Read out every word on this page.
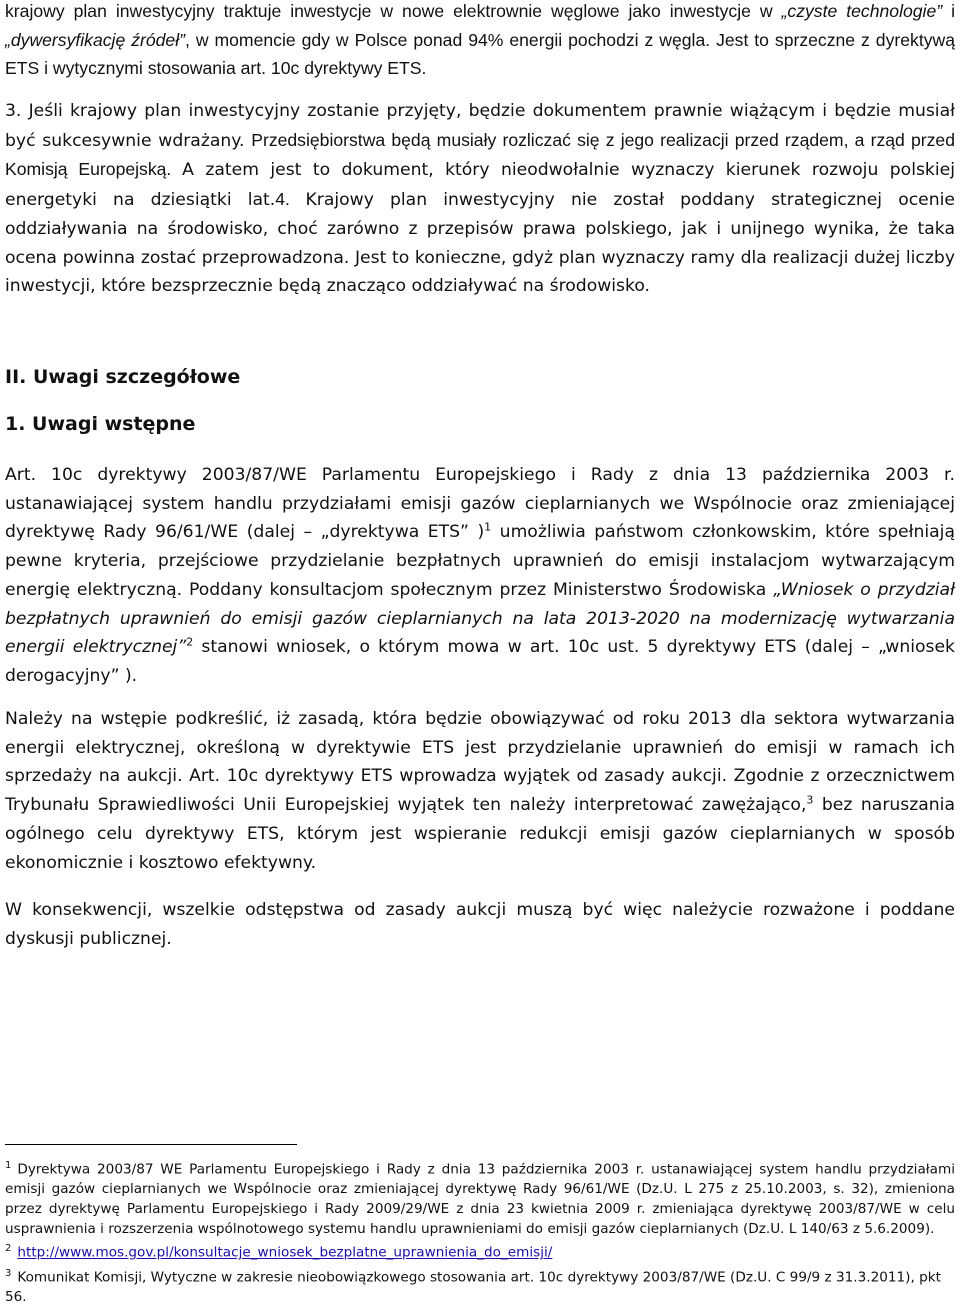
krajowy plan inwestycyjny traktuje inwestycje w nowe elektrownie węglowe jako inwestycje w „czyste technologie” i „dywersyfikację źródeł”, w momencie gdy w Polsce ponad 94% energii pochodzi z węgla. Jest to sprzeczne z dyrektywą ETS i wytycznymi stosowania art. 10c dyrektywy ETS.

3. Jeśli krajowy plan inwestycyjny zostanie przyjęty, będzie dokumentem prawnie wiążącym i będzie musiał być sukcesywnie wdrażany. Przedsiębiorstwa będą musiały rozliczać się z jego realizacji przed rządem, a rząd przed Komisją Europejską. A zatem jest to dokument, który nieodwołalnie wyznaczy kierunek rozwoju polskiej energetyki na dziesiątki lat.4. Krajowy plan inwestycyjny nie został poddany strategicznej ocenie oddziaływania na środowisko, choć zarówno z przepisów prawa polskiego, jak i unijnego wynika, że taka ocena powinna zostać przeprowadzona. Jest to konieczne, gdyż plan wyznaczy ramy dla realizacji dużej liczby inwestycji, które bezsprzecznie będą znacząco oddziaływać na środowisko.

II. Uwagi szczegółowe
1. Uwagi wstępne

Art. 10c dyrektywy 2003/87/WE Parlamentu Europejskiego i Rady z dnia 13 października 2003 r. ustanawiającej system handlu przydziałami emisji gazów cieplarnianych we Wspólnocie oraz zmieniającej dyrektywę Rady 96/61/WE (dalej – „dyrektywa ETS” )$^1$ umożliwia państwom członkowskim, które spełniają pewne kryteria, przejściowe przydzielanie bezpłatnych uprawnień do emisji instalacjom wytwarzającym energię elektryczną. Poddany konsultacjom społecznym przez Ministerstwo Środowiska „Wniosek o przydział bezpłatnych uprawnień do emisji gazów cieplarnianych na lata 2013-2020 na modernizację wytwarzania energii elektrycznej”$^2$ stanowi wniosek, o którym mowa w art. 10c ust. 5 dyrektywy ETS (dalej – „wniosek derogacyjny” ).

Należy na wstępie podkreślić, iż zasadą, która będzie obowiązywać od roku 2013 dla sektora wytwarzania energii elektrycznej, określoną w dyrektywie ETS jest przydzielanie uprawnień do emisji w ramach ich sprzedaży na aukcji. Art. 10c dyrektywy ETS wprowadza wyjątek od zasady aukcji. Zgodnie z orzecznictwem Trybunału Sprawiedliwości Unii Europejskiej wyjątek ten należy interpretować zawężająco,$^3$ bez naruszania ogólnego celu dyrektywy ETS, którym jest wspieranie redukcji emisji gazów cieplarnianych w sposób ekonomicznie i kosztowo efektywny.

W konsekwencji, wszelkie odstępstwa od zasady aukcji muszą być więc należycie rozważone i poddane dyskusji publicznej.

$^1$ Dyrektywa 2003/87 WE Parlamentu Europejskiego i Rady z dnia 13 października 2003 r. ustanawiającej system handlu przydziałami emisji gazów cieplarnianych we Wspólnocie oraz zmieniającej dyrektywę Rady 96/61/WE (Dz.U. L 275 z 25.10.2003, s. 32), zmieniona przez dyrektywę Parlamentu Europejskiego i Rady 2009/29/WE z dnia 23 kwietnia 2009 r. zmieniająca dyrektywę 2003/87/WE w celu usprawnienia i rozszerzenia wspólnotowego systemu handlu uprawnieniami do emisji gazów cieplarnianych (Dz.U. L 140/63 z 5.6.2009).

$^2$ http://www.mos.gov.pl/konsultacje_wniosek_bezplatne_uprawnienia_do_emisji/

$^3$ Komunikat Komisji, Wytyczne w zakresie nieobowiązkowego stosowania art. 10c dyrektywy 2003/87/WE (Dz.U. C 99/9 z 31.3.2011), pkt 56.
